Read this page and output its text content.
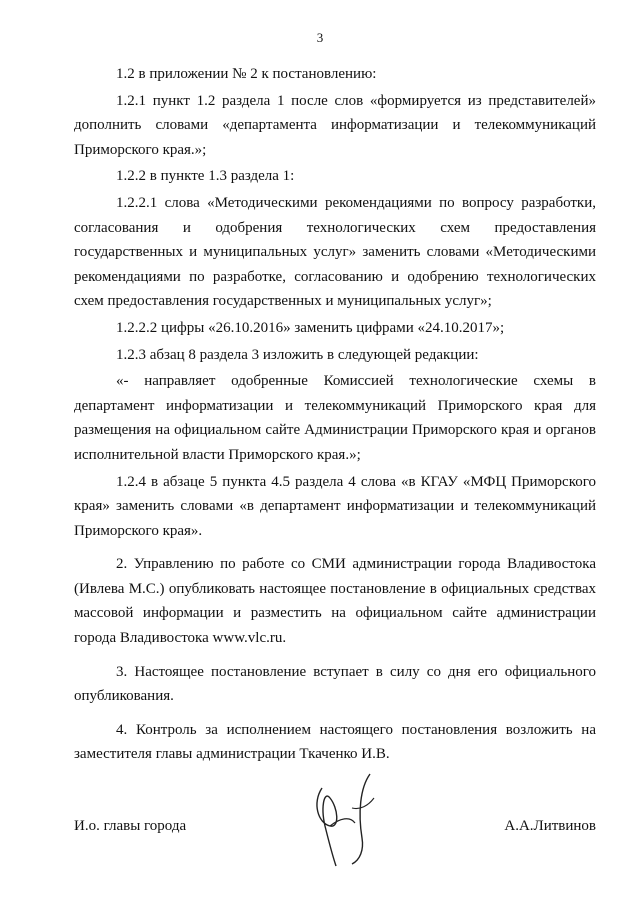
3

1.2 в приложении № 2 к постановлению:

1.2.1 пункт 1.2 раздела 1 после слов «формируется из представителей» дополнить словами «департамента информатизации и телекоммуникаций Приморского края.»;

1.2.2 в пункте 1.3 раздела 1:

1.2.2.1 слова «Методическими рекомендациями по вопросу разработки, согласования и одобрения технологических схем предоставления государственных и муниципальных услуг» заменить словами «Методическими рекомендациями по разработке, согласованию и одобрению технологических схем предоставления государственных и муниципальных услуг»;

1.2.2.2 цифры «26.10.2016» заменить цифрами «24.10.2017»;

1.2.3 абзац 8 раздела 3 изложить в следующей редакции:

«- направляет одобренные Комиссией технологические схемы в департамент информатизации и телекоммуникаций Приморского края для размещения на официальном сайте Администрации Приморского края и органов исполнительной власти Приморского края.»;

1.2.4 в абзаце 5 пункта 4.5 раздела 4 слова «в КГАУ «МФЦ Приморского края» заменить словами «в департамент информатизации и телекоммуникаций Приморского края».

2. Управлению по работе со СМИ администрации города Владивостока (Ивлева М.С.) опубликовать настоящее постановление в официальных средствах массовой информации и разместить на официальном сайте администрации города Владивостока www.vlc.ru.

3. Настоящее постановление вступает в силу со дня его официального опубликования.

4. Контроль за исполнением настоящего постановления возложить на заместителя главы администрации Ткаченко И.В.

И.о. главы города	А.А.Литвинов
